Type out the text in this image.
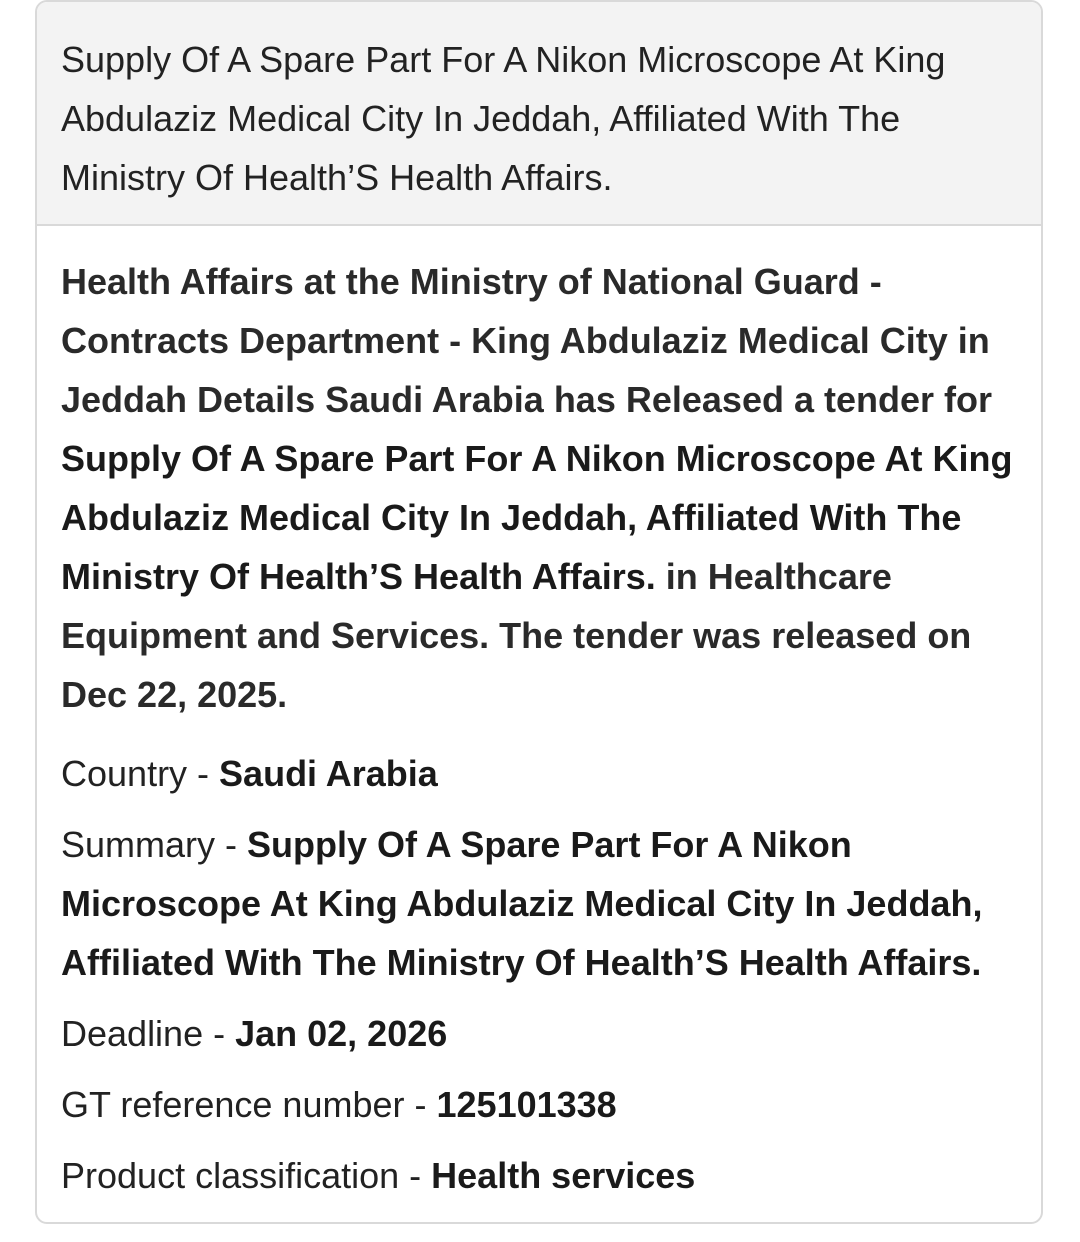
Supply Of A Spare Part For A Nikon Microscope At King Abdulaziz Medical City In Jeddah, Affiliated With The Ministry Of Health’S Health Affairs.

Health Affairs at the Ministry of National Guard - Contracts Department - King Abdulaziz Medical City in Jeddah Details Saudi Arabia has Released a tender for Supply Of A Spare Part For A Nikon Microscope At King Abdulaziz Medical City In Jeddah, Affiliated With The Ministry Of Health’S Health Affairs. in Healthcare Equipment and Services. The tender was released on Dec 22, 2025.

Country - Saudi Arabia
Summary - Supply Of A Spare Part For A Nikon Microscope At King Abdulaziz Medical City In Jeddah, Affiliated With The Ministry Of Health’S Health Affairs.
Deadline - Jan 02, 2026
GT reference number - 125101338
Product classification - Health services
